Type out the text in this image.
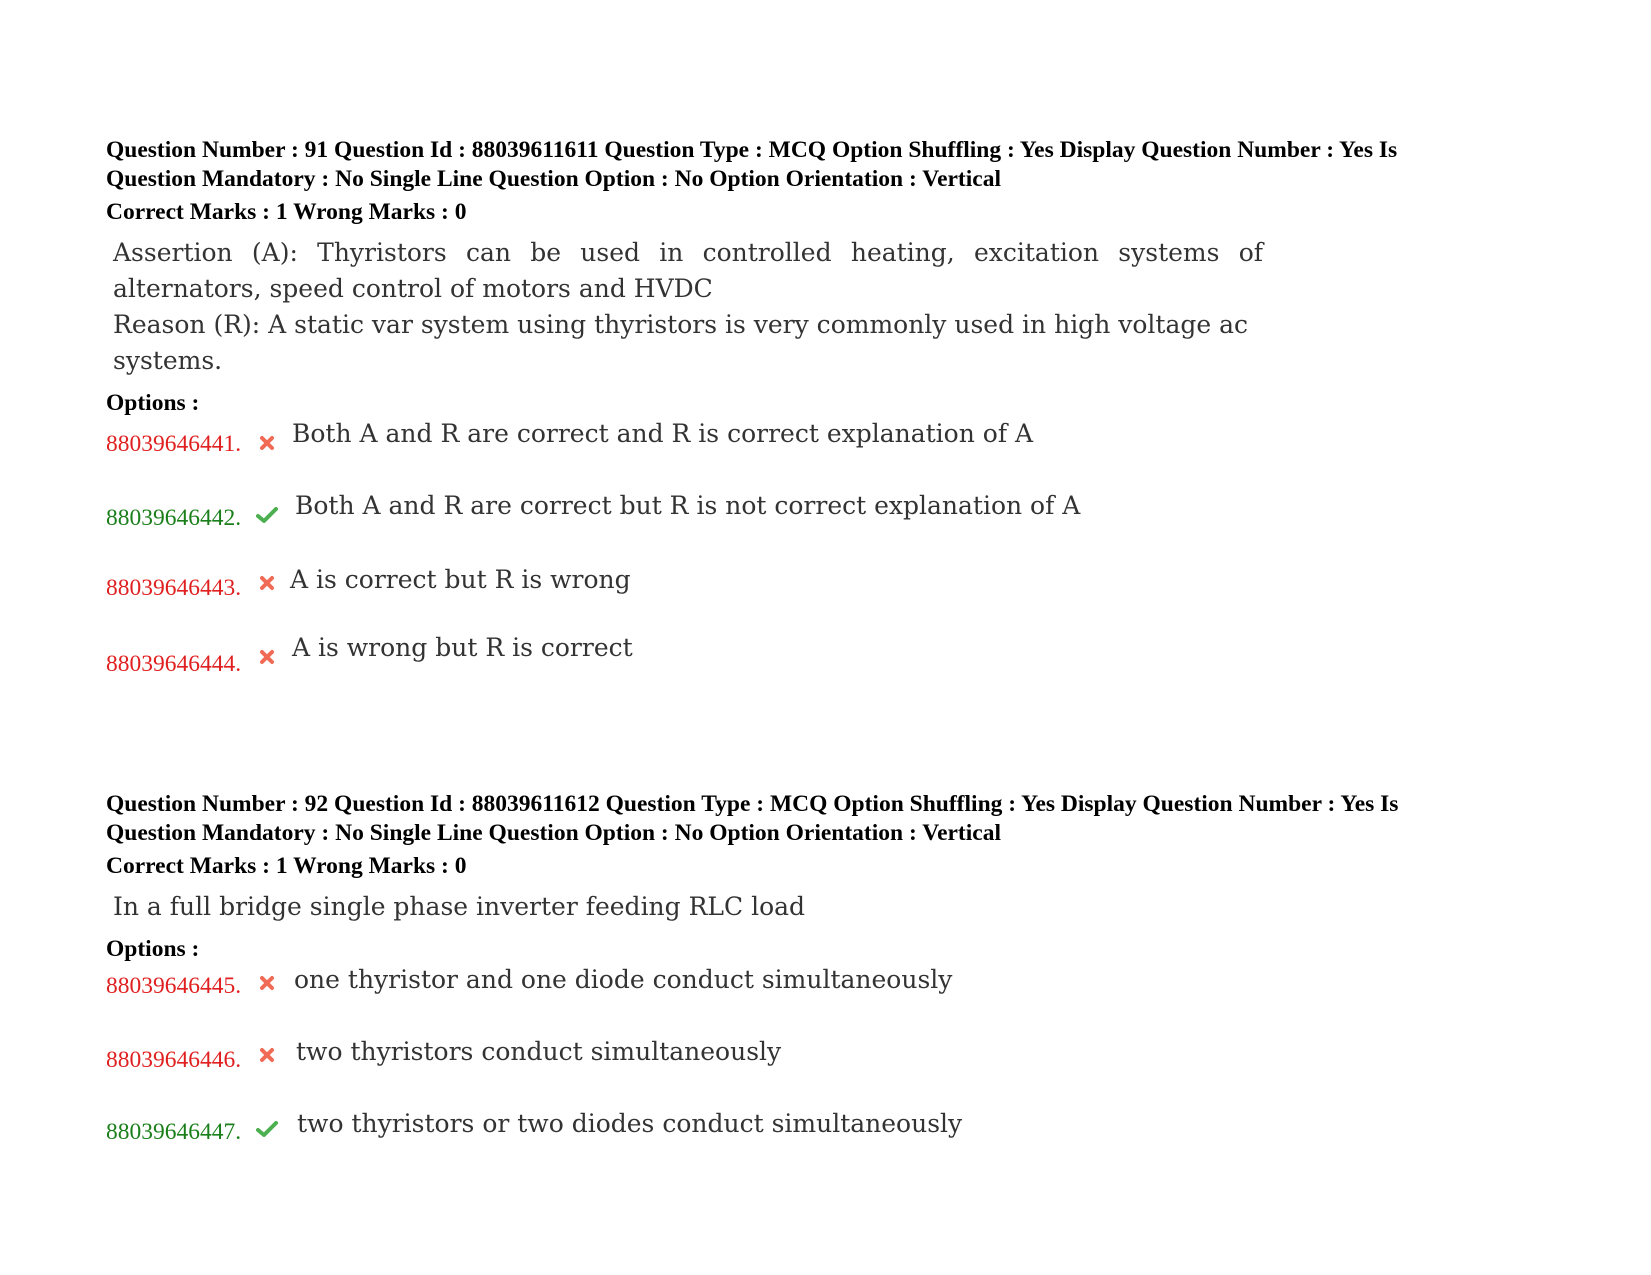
Question Number : 91 Question Id : 88039611611 Question Type : MCQ Option Shuffling : Yes Display Question Number : Yes Is
Question Mandatory : No Single Line Question Option : No Option Orientation : Vertical
Correct Marks : 1 Wrong Marks : 0
Assertion (A): Thyristors can be used in controlled heating, excitation systems of
alternators, speed control of motors and HVDC
Reason (R): A static var system using thyristors is very commonly used in high voltage ac
systems.
Options :
88039646441. Both A and R are correct and R is correct explanation of A
88039646442. Both A and R are correct but R is not correct explanation of A
88039646443. A is correct but R is wrong
88039646444.
A is wrong but R is correct
Question Number : 92 Question Id : 88039611612 Question Type : MCQ Option Shuffling : Yes Display Question Number : Yes Is
Question Mandatory : No Single Line Question Option : No Option Orientation : Vertical
Correct Marks : 1 Wrong Marks : 0
In a full bridge single phase inverter feeding RLC load
Options :
88039646445. one thyristor and one diode conduct simultaneously
88039646446. two thyristors conduct simultaneously
88039646447. two thyristors or two diodes conduct simultaneously
